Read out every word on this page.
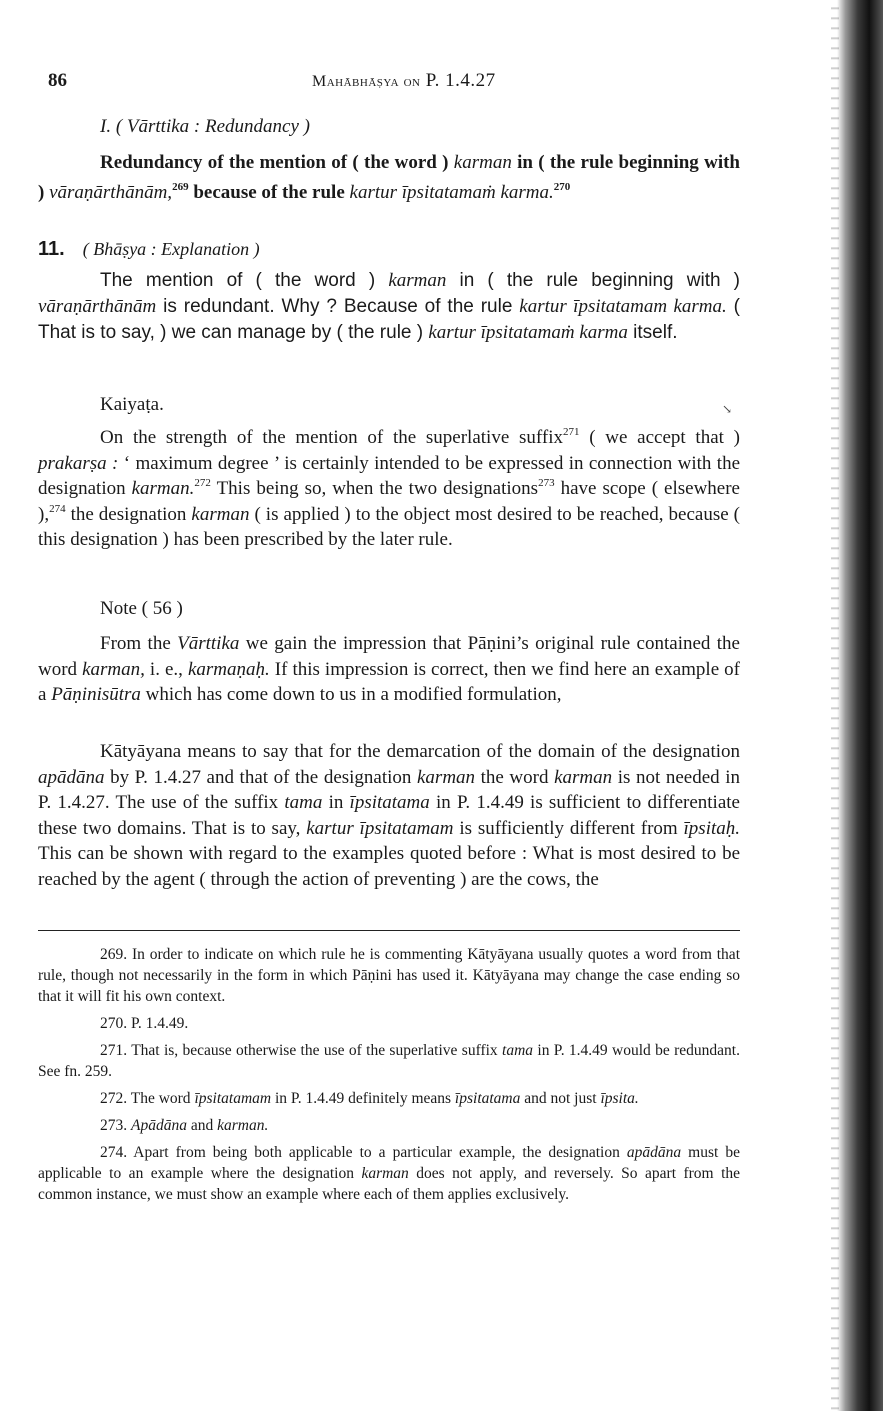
86	Mahābhāṣya on P. 1.4.27
I. ( Vārttika : Redundancy )

Redundancy of the mention of ( the word ) karman in ( the rule beginning with ) vāraṇārthānām,$^{269}$ because of the rule kartur īpsitatamaṁ karma.$^{270}$

11. ( Bhāṣya : Explanation )

The mention of ( the word ) karman in ( the rule beginning with ) vāraṇārthānām is redundant. Why ? Because of the rule kartur īpsitatamam karma. ( That is to say, ) we can manage by ( the rule ) kartur īpsitatamaṁ karma itself.

Kaiyaṭa.	↘

On the strength of the mention of the superlative suffix$^{271}$ ( we accept that ) prakarṣa : ‘ maximum degree ’ is certainly intended to be expressed in connection with the designation karman.$^{272}$ This being so, when the two designations$^{273}$ have scope ( elsewhere ),$^{274}$ the designation karman ( is applied ) to the object most desired to be reached, because ( this designation ) has been prescribed by the later rule.

Note ( 56 )

From the Vārttika we gain the impression that Pāṇini’s original rule contained the word karman, i. e., karmaṇaḥ. If this impression is correct, then we find here an example of a Pāṇinisūtra which has come down to us in a modified formulation,

Kātyāyana means to say that for the demarcation of the domain of the designation apādāna by P. 1.4.27 and that of the designation karman the word karman is not needed in P. 1.4.27. The use of the suffix tama in īpsitatama in P. 1.4.49 is sufficient to differentiate these two domains. That is to say, kartur īpsitatamam is sufficiently different from īpsitaḥ. This can be shown with regard to the examples quoted before : What is most desired to be reached by the agent ( through the action of preventing ) are the cows, the

269. In order to indicate on which rule he is commenting Kātyāyana usually quotes a word from that rule, though not necessarily in the form in which Pāṇini has used it. Kātyāyana may change the case ending so that it will fit his own context.

270. P. 1.4.49.

271. That is, because otherwise the use of the superlative suffix tama in P. 1.4.49 would be redundant. See fn. 259.

272. The word īpsitatamam in P. 1.4.49 definitely means īpsitatama and not just īpsita.

273. Apādāna and karman.

274. Apart from being both applicable to a particular example, the designation apādāna must be applicable to an example where the designation karman does not apply, and reversely. So apart from the common instance, we must show an example where each of them applies exclusively.
